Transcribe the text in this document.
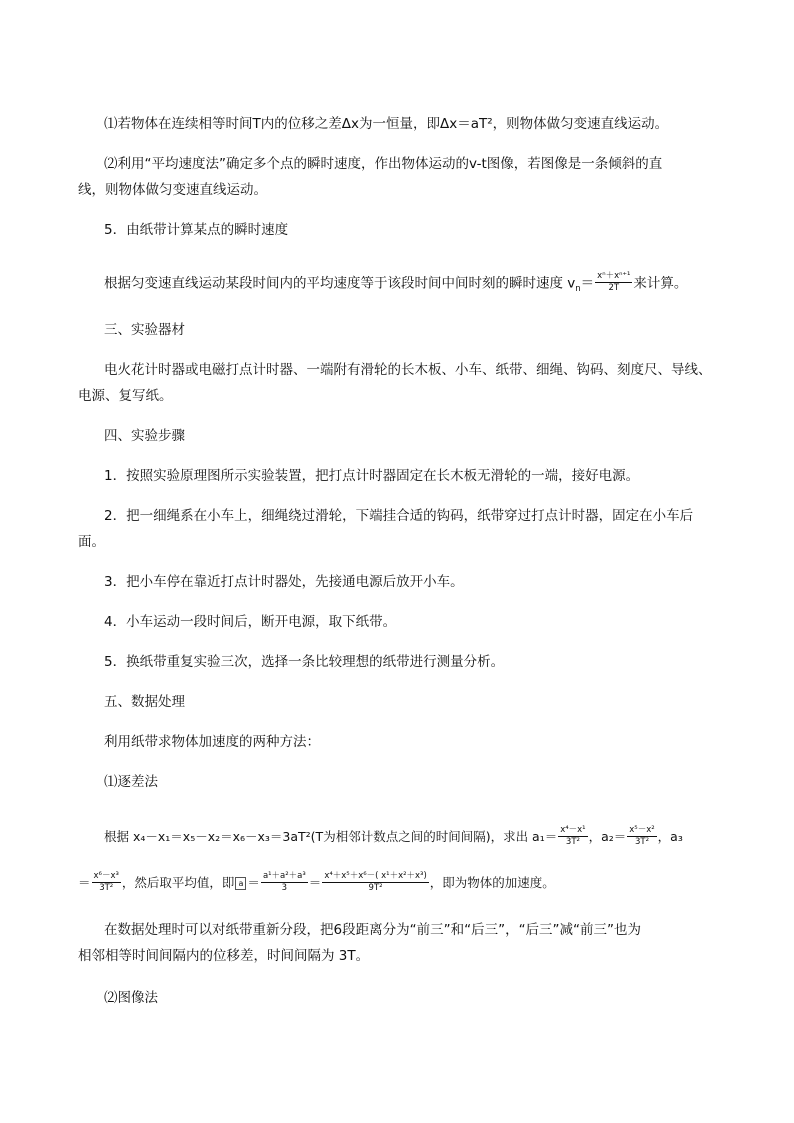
⑴若物体在连续相等时间T内的位移之差Δx为一恒量，即Δx＝aT²，则物体做匀变速直线运动。
⑵利用“平均速度法”确定多个点的瞬时速度，作出物体运动的v-t图像，若图像是一条倾斜的直
线，则物体做匀变速直线运动。
5．由纸带计算某点的瞬时速度
根据匀变速直线运动某段时间内的平均速度等于该段时间中间时刻的瞬时速度 $v_n= \frac{\text{xⁿ＋xⁿ⁺¹}}{2T}$ 来计算。
三、实验器材
电火花计时器或电磁打点计时器、一端附有滑轮的长木板、小车、纸带、细绳、钩码、刻度尺、导线、
电源、复写纸。
四、实验步骤
1．按照实验原理图所示实验装置，把打点计时器固定在长木板无滑轮的一端，接好电源。
2．把一细绳系在小车上，细绳绕过滑轮，下端挂合适的钩码，纸带穿过打点计时器，固定在小车后
面。
3．把小车停在靠近打点计时器处，先接通电源后放开小车。
4．小车运动一段时间后，断开电源，取下纸带。
5．换纸带重复实验三次，选择一条比较理想的纸带进行测量分析。
五、数据处理
利用纸带求物体加速度的两种方法：
⑴逐差法
根据 x₄－x₁＝x₅－x₂＝x₆－x₃＝3aT²(T为相邻计数点之间的时间间隔)，求出 $a_1= \frac{\text{x⁴－x¹}}{\text{3T²}}$ ，$a_2= \frac{\text{x⁵－x²}}{\text{3T²}}$ ，a₃
＝ $\frac{\text{x⁶－x³}}{\text{3T²}}$ ，然后取平均值，即 $a = \frac{\text{a¹＋a²＋a³}}{3} = \frac{\text{x⁴＋x⁵＋x⁶－( x¹＋x²＋x³)}}{\text{9T²}}$ ，即为物体的加速度。
在数据处理时可以对纸带重新分段，把6段距离分为“前三”和“后三”，“后三”减“前三”也为
相邻相等时间间隔内的位移差，时间间隔为 3T。
⑵图像法
